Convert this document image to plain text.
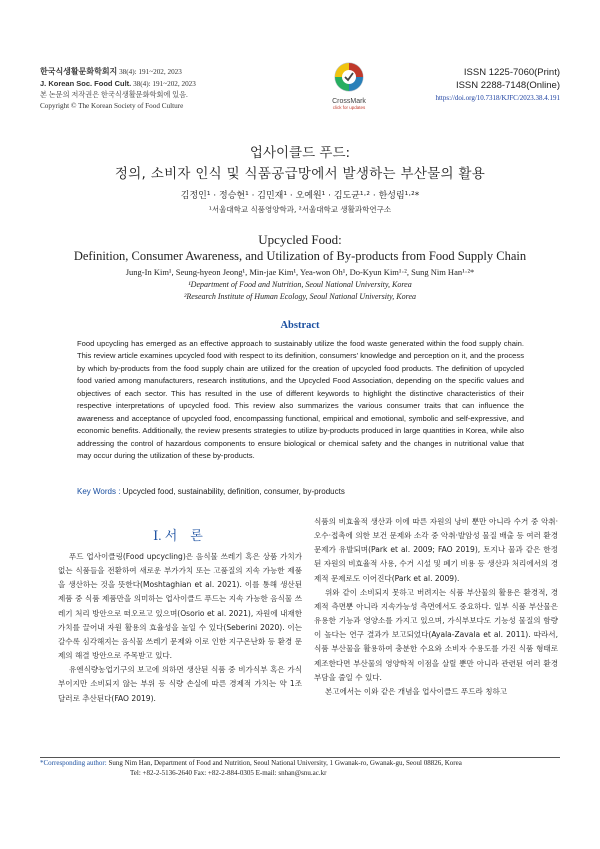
한국식생활문화학회지 38(4): 191~202, 2023
J. Korean Soc. Food Cult. 38(4): 191~202, 2023
본 논문의 저작권은 한국식생활문화학회에 있음.
Copyright © The Korean Society of Food Culture
CrossMark
click for updates
ISSN 1225-7060(Print)
ISSN 2288-7148(Online)
https://doi.org/10.7318/KJFC/2023.38.4.191
업사이클드 푸드:
정의, 소비자 인식 및 식품공급망에서 발생하는 부산물의 활용
김정인¹ · 정승현¹ · 김민재¹ · 오예원¹ · 김도균¹·² · 한성림¹·²*
¹서울대학교 식품영양학과, ²서울대학교 생활과학연구소
Upcycled Food:
Definition, Consumer Awareness, and Utilization of By-products from Food Supply Chain
Jung-In Kim¹, Seung-hyeon Jeong¹, Min-jae Kim¹, Yea-won Oh¹, Do-Kyun Kim¹·², Sung Nim Han¹·²*
¹Department of Food and Nutrition, Seoul National University, Korea
²Research Institute of Human Ecology, Seoul National University, Korea
Abstract
Food upcycling has emerged as an effective approach to sustainably utilize the food waste generated within the food supply chain. This review article examines upcycled food with respect to its definition, consumers' knowledge and perception on it, and the process by which by-products from the food supply chain are utilized for the creation of upcycled food products. The definition of upcycled food varied among manufacturers, research institutions, and the Upcycled Food Association, depending on the specific values and objectives of each sector. This has resulted in the use of different keywords to highlight the distinctive characteristics of their respective interpretations of upcycled food. This review also summarizes the various consumer traits that can influence the awareness and acceptance of upcycled food, encompassing functional, empirical and emotional, symbolic and self-expressive, and economic benefits. Additionally, the review presents strategies to utilize by-products produced in large quantities in Korea, while also addressing the control of hazardous components to ensure biological or chemical safety and the changes in nutritional value that may occur during the utilization of these by-products.
Key Words : Upcycled food, sustainability, definition, consumer, by-products
Ⅰ. 서　론

푸드 업사이클링(Food upcycling)은 음식물 쓰레기 혹은 상품 가치가 없는 식품들을 전환하여 새로운 부가가치 또는 고품질의 지속 가능한 제품을 생산하는 것을 뜻한다(Moshtaghian et al. 2021). 이를 통해 생산된 제품 중 식품 제품만을 의미하는 업사이클드 푸드는 지속 가능한 음식물 쓰레기 처리 방안으로 떠오르고 있으며(Osorio et al. 2021), 자원에 내재한 가치를 끌어내 자원 활용의 효율성을 높일 수 있다(Seberini 2020). 이는 갈수록 심각해지는 음식물 쓰레기 문제와 이로 인한 지구온난화 등 환경 문제의 해결 방안으로 주목받고 있다.

유엔식량농업기구의 보고에 의하면 생산된 식품 중 비가식부 혹은 가식부이지만 소비되지 않는 부위 등 식량 손실에 따른 경제적 가치는 약 1조 달러로 추산된다(FAO 2019).

식품의 비효율적 생산과 이에 따른 자원의 낭비 뿐만 아니라 수거 중 악취·오수·접촉에 의한 보건 문제와 소각 중 악취·발암성 물질 배출 등 여러 환경 문제가 유발되며(Park et al. 2009; FAO 2019), 토지나 물과 같은 한정된 자원의 비효율적 사용, 수거 시설 및 폐기 비용 등 생산과 처리에서의 경제적 문제로도 이어진다(Park et al. 2009).

위와 같이 소비되지 못하고 버려지는 식품 부산물의 활용은 환경적, 경제적 측면뿐 아니라 지속가능성 측면에서도 중요하다. 일부 식품 부산물은 유용한 기능과 영양소를 가지고 있으며, 가식부보다도 기능성 물질의 함량이 높다는 연구 결과가 보고되었다(Ayala-Zavala et al. 2011). 따라서, 식품 부산물을 활용하여 충분한 수요와 소비자 수용도를 가진 식품 형태로 제조한다면 부산물의 영양학적 이점을 살릴 뿐만 아니라 관련된 여러 환경 부담을 줄일 수 있다.

본고에서는 이와 같은 개념을 업사이클드 푸드라 칭하고

*Corresponding author: Sung Nim Han, Department of Food and Nutrition, Seoul National University, 1 Gwanak-ro, Gwanak-gu, Seoul 08826, Korea
Tel: +82-2-5136-2640 Fax: +82-2-884-0305 E-mail: snhan@snu.ac.kr
